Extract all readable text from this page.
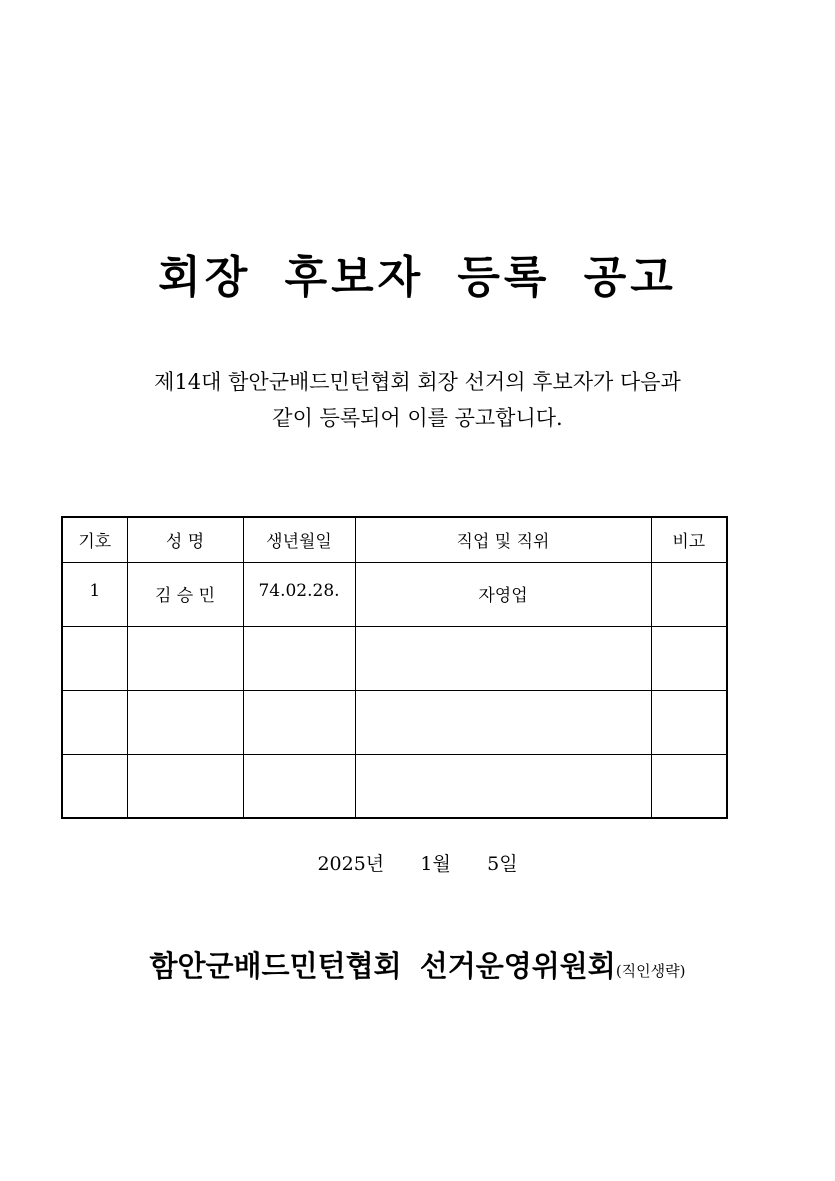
회장 후보자 등록 공고

제14대 함안군배드민턴협회 회장 선거의 후보자가 다음과
같이 등록되어 이를 공고합니다.

기호	성 명	생년월일	직업 및 직위	비고
1	김 승 민	74.02.28.	자영업	

2025년 1월 5일

함안군배드민턴협회 선거운영위원회(직인생략)
